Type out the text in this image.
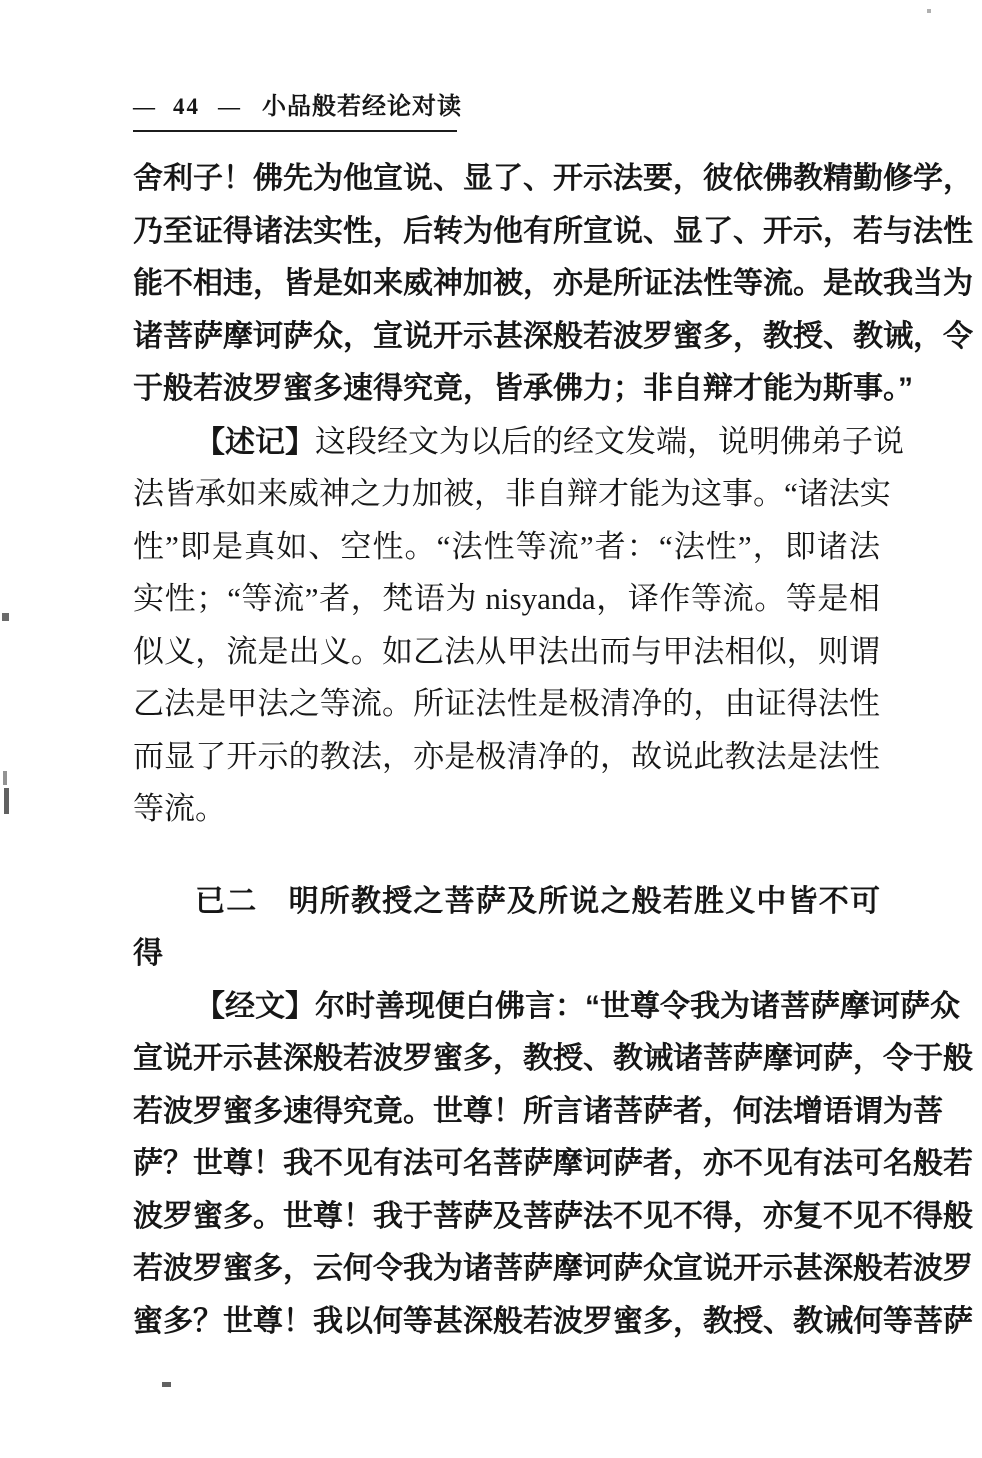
— 44 — 小品般若经论对读
舍利子！佛先为他宣说、显了、开示法要，彼依佛教精勤修学，
乃至证得诸法实性，后转为他有所宣说、显了、开示，若与法性
能不相违，皆是如来威神加被，亦是所证法性等流。是故我当为
诸菩萨摩诃萨众，宣说开示甚深般若波罗蜜多，教授、教诫，令
于般若波罗蜜多速得究竟，皆承佛力；非自辩才能为斯事。”
【述记】这段经文为以后的经文发端，说明佛弟子说
法皆承如来威神之力加被，非自辩才能为这事。“诸法实
性”即是真如、空性。“法性等流”者：“法性”，即诸法
实性；“等流”者，梵语为 nisyanda，译作等流。等是相
似义，流是出义。如乙法从甲法出而与甲法相似，则谓
乙法是甲法之等流。所证法性是极清净的，由证得法性
而显了开示的教法，亦是极清净的，故说此教法是法性
等流。
已二　明所教授之菩萨及所说之般若胜义中皆不可
得
【经文】尔时善现便白佛言：“世尊令我为诸菩萨摩诃萨众
宣说开示甚深般若波罗蜜多，教授、教诫诸菩萨摩诃萨，令于般
若波罗蜜多速得究竟。世尊！所言诸菩萨者，何法增语谓为菩
萨？世尊！我不见有法可名菩萨摩诃萨者，亦不见有法可名般若
波罗蜜多。世尊！我于菩萨及菩萨法不见不得，亦复不见不得般
若波罗蜜多，云何令我为诸菩萨摩诃萨众宣说开示甚深般若波罗
蜜多？世尊！我以何等甚深般若波罗蜜多，教授、教诫何等菩萨
